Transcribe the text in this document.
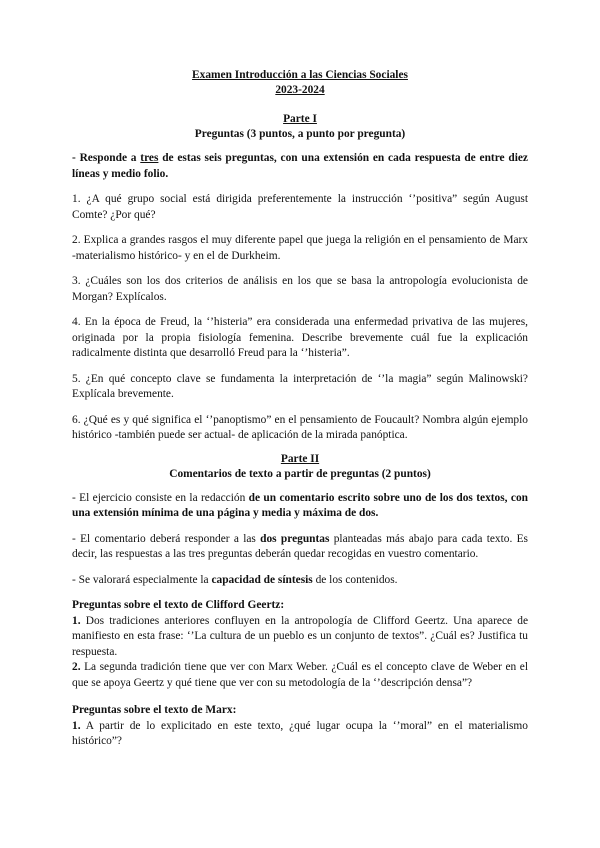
Examen Introducción a las Ciencias Sociales
2023-2024
Parte I
Preguntas (3 puntos, a punto por pregunta)

- Responde a tres de estas seis preguntas, con una extensión en cada respuesta de entre diez líneas y medio folio.

1. ¿A qué grupo social está dirigida preferentemente la instrucción ‘’positiva” según August Comte? ¿Por qué?

2. Explica a grandes rasgos el muy diferente papel que juega la religión en el pensamiento de Marx -materialismo histórico- y en el de Durkheim.

3. ¿Cuáles son los dos criterios de análisis en los que se basa la antropología evolucionista de Morgan? Explícalos.

4. En la época de Freud, la ‘’histeria” era considerada una enfermedad privativa de las mujeres, originada por la propia fisiología femenina. Describe brevemente cuál fue la explicación radicalmente distinta que desarrolló Freud para la ‘’histeria”.

5. ¿En qué concepto clave se fundamenta la interpretación de ‘’la magia” según Malinowski? Explícala brevemente.

6. ¿Qué es y qué significa el ‘’panoptismo” en el pensamiento de Foucault? Nombra algún ejemplo histórico -también puede ser actual- de aplicación de la mirada panóptica.

Parte II
Comentarios de texto a partir de preguntas (2 puntos)

- El ejercicio consiste en la redacción de un comentario escrito sobre uno de los dos textos, con una extensión mínima de una página y media y máxima de dos.

- El comentario deberá responder a las dos preguntas planteadas más abajo para cada texto. Es decir, las respuestas a las tres preguntas deberán quedar recogidas en vuestro comentario.

- Se valorará especialmente la capacidad de síntesis de los contenidos.

Preguntas sobre el texto de Clifford Geertz:

1. Dos tradiciones anteriores confluyen en la antropología de Clifford Geertz. Una aparece de manifiesto en esta frase: ‘’La cultura de un pueblo es un conjunto de textos”. ¿Cuál es? Justifica tu respuesta.

2. La segunda tradición tiene que ver con Marx Weber. ¿Cuál es el concepto clave de Weber en el que se apoya Geertz y qué tiene que ver con su metodología de la ‘’descripción densa”?

Preguntas sobre el texto de Marx:

1. A partir de lo explicitado en este texto, ¿qué lugar ocupa la ‘’moral” en el materialismo histórico”?
